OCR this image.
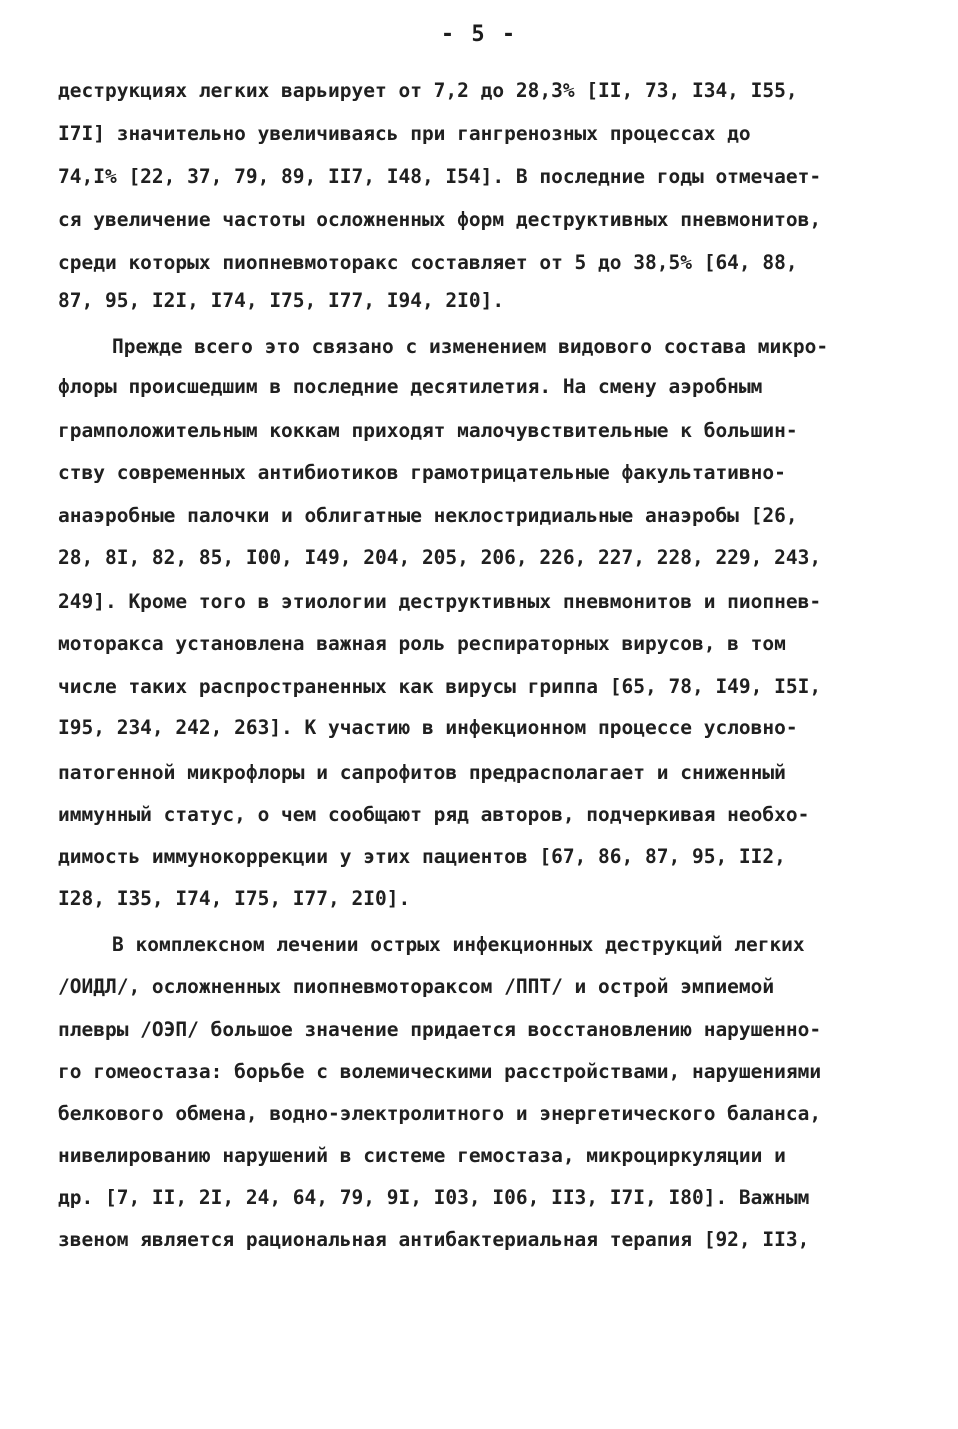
- 5 -
деструкциях легких варьирует от 7,2 до 28,3% [II, 73, I34, I55,
I7I] значительно увеличиваясь при гангренозных процессах до
74,I% [22, 37, 79, 89, II7, I48, I54]. В последние годы отмечает-
ся увеличение частоты осложненных форм деструктивных пневмонитов,
среди которых пиопневмоторакс составляет от 5 до 38,5% [64, 88,
87, 95, I2I, I74, I75, I77, I94, 2I0].
Прежде всего это связано с изменением видового состава микро-
флоры происшедшим в последние десятилетия. На смену аэробным
грамположительным коккам приходят малочувствительные к большин-
ству современных антибиотиков грамотрицательные факультативно-
анаэробные палочки и облигатные неклостридиальные анаэробы [26,
28, 8I, 82, 85, I00, I49, 204, 205, 206, 226, 227, 228, 229, 243,
249]. Кроме того в этиологии деструктивных пневмонитов и пиопнев-
моторакса установлена важная роль респираторных вирусов, в том
числе таких распространенных как вирусы гриппа [65, 78, I49, I5I,
I95, 234, 242, 263]. К участию в инфекционном процессе условно-
патогенной микрофлоры и сапрофитов предрасполагает и сниженный
иммунный статус, о чем сообщают ряд авторов, подчеркивая необхо-
димость иммунокоррекции у этих пациентов [67, 86, 87, 95, II2,
I28, I35, I74, I75, I77, 2I0].
В комплексном лечении острых инфекционных деструкций легких
/ОИДЛ/, осложненных пиопневмотораксом /ППТ/ и острой эмпиемой
плевры /ОЭП/ большое значение придается восстановлению нарушенно-
го гомеостаза: борьбе с волемическими расстройствами, нарушениями
белкового обмена, водно-электролитного и энергетического баланса,
нивелированию нарушений в системе гемостаза, микроциркуляции и
др. [7, II, 2I, 24, 64, 79, 9I, I03, I06, II3, I7I, I80]. Важным
звеном является рациональная антибактериальная терапия [92, II3,
